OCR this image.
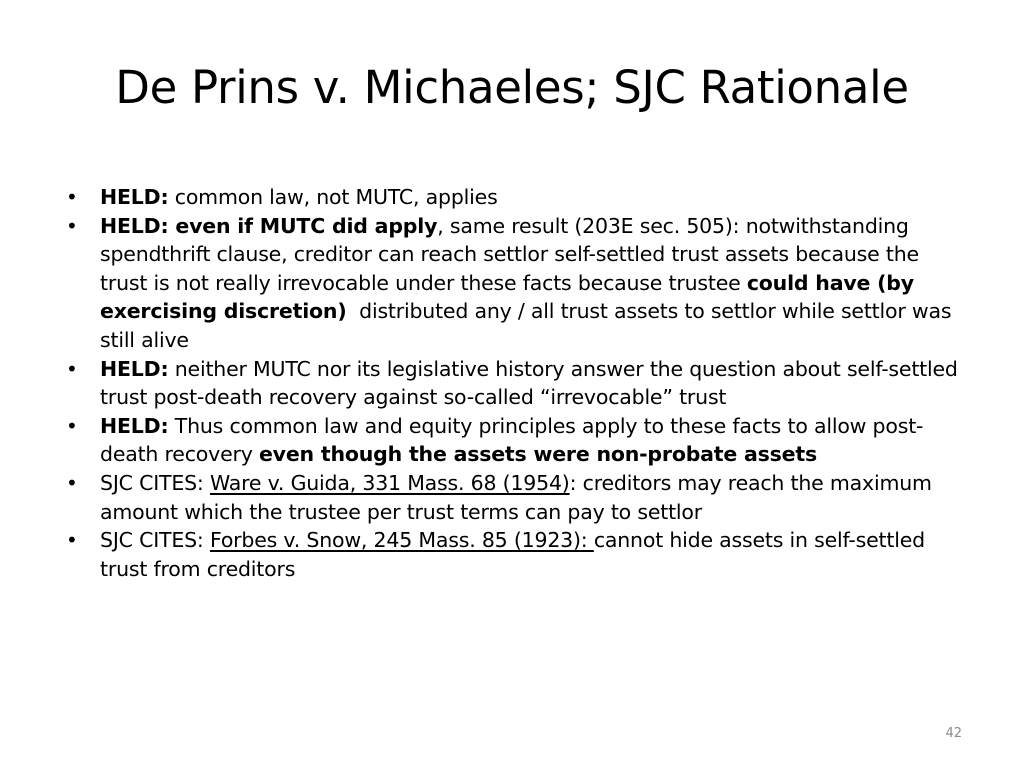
De Prins v. Michaeles; SJC Rationale
•	HELD: common law, not MUTC, applies
•	HELD: even if MUTC did apply, same result (203E sec. 505): notwithstanding spendthrift clause, creditor can reach settlor self-settled trust assets because the trust is not really irrevocable under these facts because trustee could have (by exercising discretion)  distributed any / all trust assets to settlor while settlor was still alive
•	HELD: neither MUTC nor its legislative history answer the question about self-settled trust post-death recovery against so-called “irrevocable” trust
•	HELD: Thus common law and equity principles apply to these facts to allow post-death recovery even though the assets were non-probate assets
•	SJC CITES: Ware v. Guida, 331 Mass. 68 (1954): creditors may reach the maximum amount which the trustee per trust terms can pay to settlor
•	SJC CITES: Forbes v. Snow, 245 Mass. 85 (1923): cannot hide assets in self-settled trust from creditors
42
